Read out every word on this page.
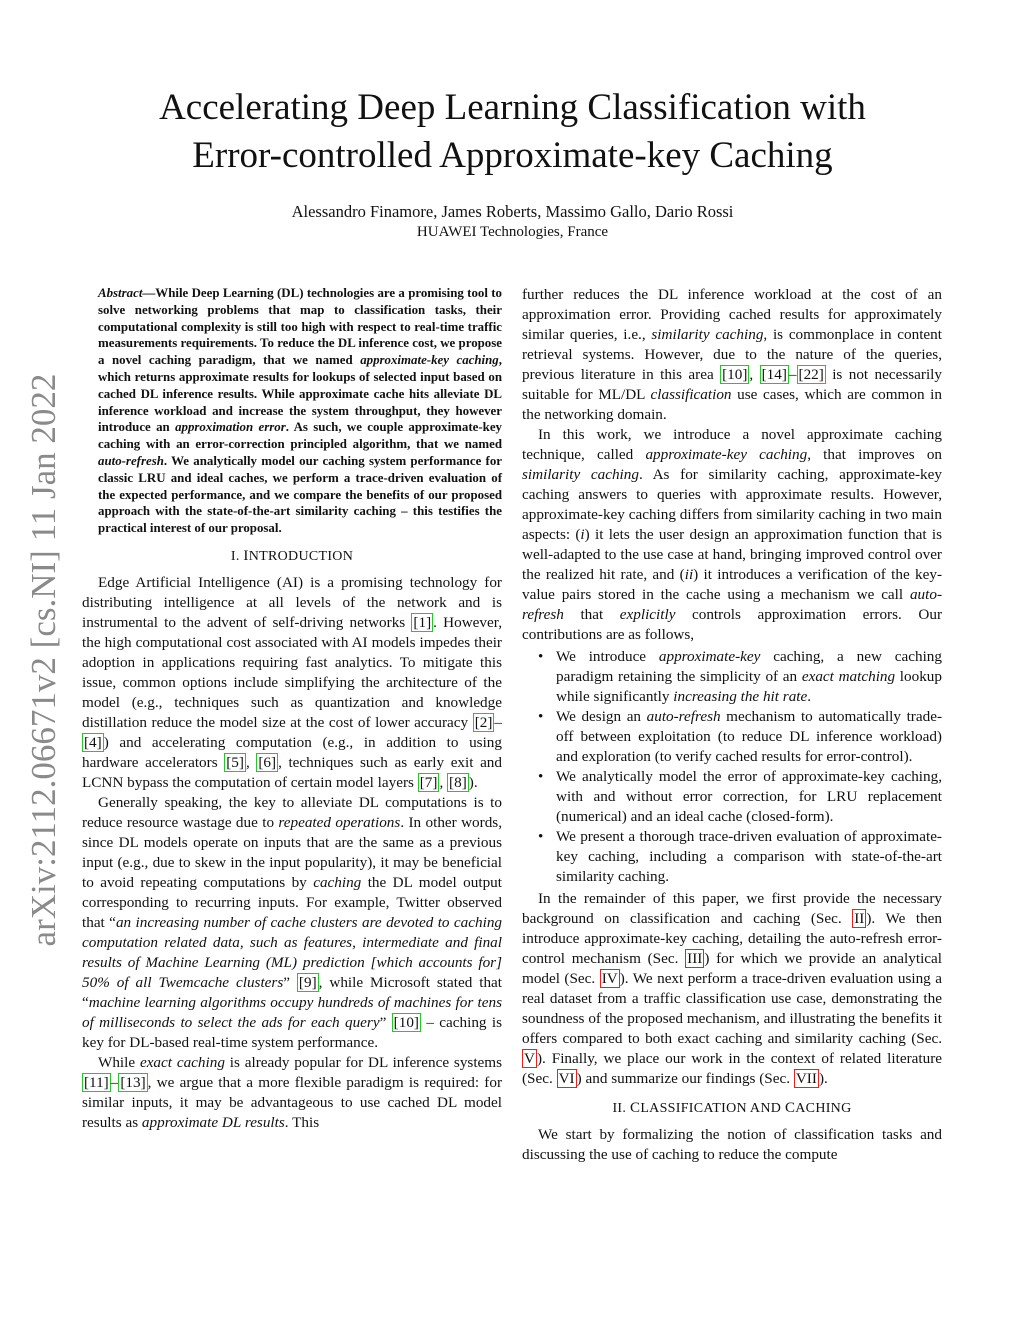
arXiv:2112.06671v2 [cs.NI] 11 Jan 2022
Accelerating Deep Learning Classification with
Error-controlled Approximate-key Caching
Alessandro Finamore, James Roberts, Massimo Gallo, Dario Rossi
HUAWEI Technologies, France

Abstract—While Deep Learning (DL) technologies are a promising tool to solve networking problems that map to classification tasks, their computational complexity is still too high with respect to real-time traffic measurements requirements. To reduce the DL inference cost, we propose a novel caching paradigm, that we named approximate-key caching, which returns approximate results for lookups of selected input based on cached DL inference results. While approximate cache hits alleviate DL inference workload and increase the system throughput, they however introduce an approximation error. As such, we couple approximate-key caching with an error-correction principled algorithm, that we named auto-refresh. We analytically model our caching system performance for classic LRU and ideal caches, we perform a trace-driven evaluation of the expected performance, and we compare the benefits of our proposed approach with the state-of-the-art similarity caching – this testifies the practical interest of our proposal.

I. INTRODUCTION

Edge Artificial Intelligence (AI) is a promising technology for distributing intelligence at all levels of the network and is instrumental to the advent of self-driving networks [1] . However, the high computational cost associated with AI models impedes their adoption in applications requiring fast analytics. To mitigate this issue, common options include simplifying the architecture of the model (e.g., techniques such as quantization and knowledge distillation reduce the model size at the cost of lower accuracy [2] –[4] ) and accelerating computation (e.g., in addition to using hardware accelerators [5] , [6] , techniques such as early exit and LCNN bypass the computation of certain model layers [7] , [8] ).

Generally speaking, the key to alleviate DL computations is to reduce resource wastage due to repeated operations. In other words, since DL models operate on inputs that are the same as a previous input (e.g., due to skew in the input popularity), it may be beneficial to avoid repeating computations by caching the DL model output corresponding to recurring inputs. For example, Twitter observed that “an increasing number of cache clusters are devoted to caching computation related data, such as features, intermediate and final results of Machine Learning (ML) prediction [which accounts for] 50% of all Twemcache clusters” [9] , while Microsoft stated that “machine learning algorithms occupy hundreds of machines for tens of milliseconds to select the ads for each query” [10] – caching is key for DL-based real-time system performance.

While exact caching is already popular for DL inference systems [11] – [13] , we argue that a more flexible paradigm is required: for similar inputs, it may be advantageous to use cached DL model results as approximate DL results. This

further reduces the DL inference workload at the cost of an approximation error. Providing cached results for approximately similar queries, i.e., similarity caching, is commonplace in content retrieval systems. However, due to the nature of the queries, previous literature in this area [10] , [14] – [22] is not necessarily suitable for ML/DL classification use cases, which are common in the networking domain.

In this work, we introduce a novel approximate caching technique, called approximate-key caching, that improves on similarity caching. As for similarity caching, approximate-key caching answers to queries with approximate results. However, approximate-key caching differs from similarity caching in two main aspects: (i) it lets the user design an approximation function that is well-adapted to the use case at hand, bringing improved control over the realized hit rate, and (ii) it introduces a verification of the key-value pairs stored in the cache using a mechanism we call auto-refresh that explicitly controls approximation errors. Our contributions are as follows,

• We introduce approximate-key caching, a new caching paradigm retaining the simplicity of an exact matching lookup while significantly increasing the hit rate.
• We design an auto-refresh mechanism to automatically trade-off between exploitation (to reduce DL inference workload) and exploration (to verify cached results for error-control).
• We analytically model the error of approximate-key caching, with and without error correction, for LRU replacement (numerical) and an ideal cache (closed-form).
• We present a thorough trace-driven evaluation of approximate-key caching, including a comparison with state-of-the-art similarity caching.

In the remainder of this paper, we first provide the necessary background on classification and caching (Sec. II ). We then introduce approximate-key caching, detailing the auto-refresh error-control mechanism (Sec. III ) for which we provide an analytical model (Sec. IV ). We next perform a trace-driven evaluation using a real dataset from a traffic classification use case, demonstrating the soundness of the proposed mechanism, and illustrating the benefits it offers compared to both exact caching and similarity caching (Sec. V ). Finally, we place our work in the context of related literature (Sec. VI ) and summarize our findings (Sec. VII ).

II. CLASSIFICATION AND CACHING

We start by formalizing the notion of classification tasks and discussing the use of caching to reduce the compute
